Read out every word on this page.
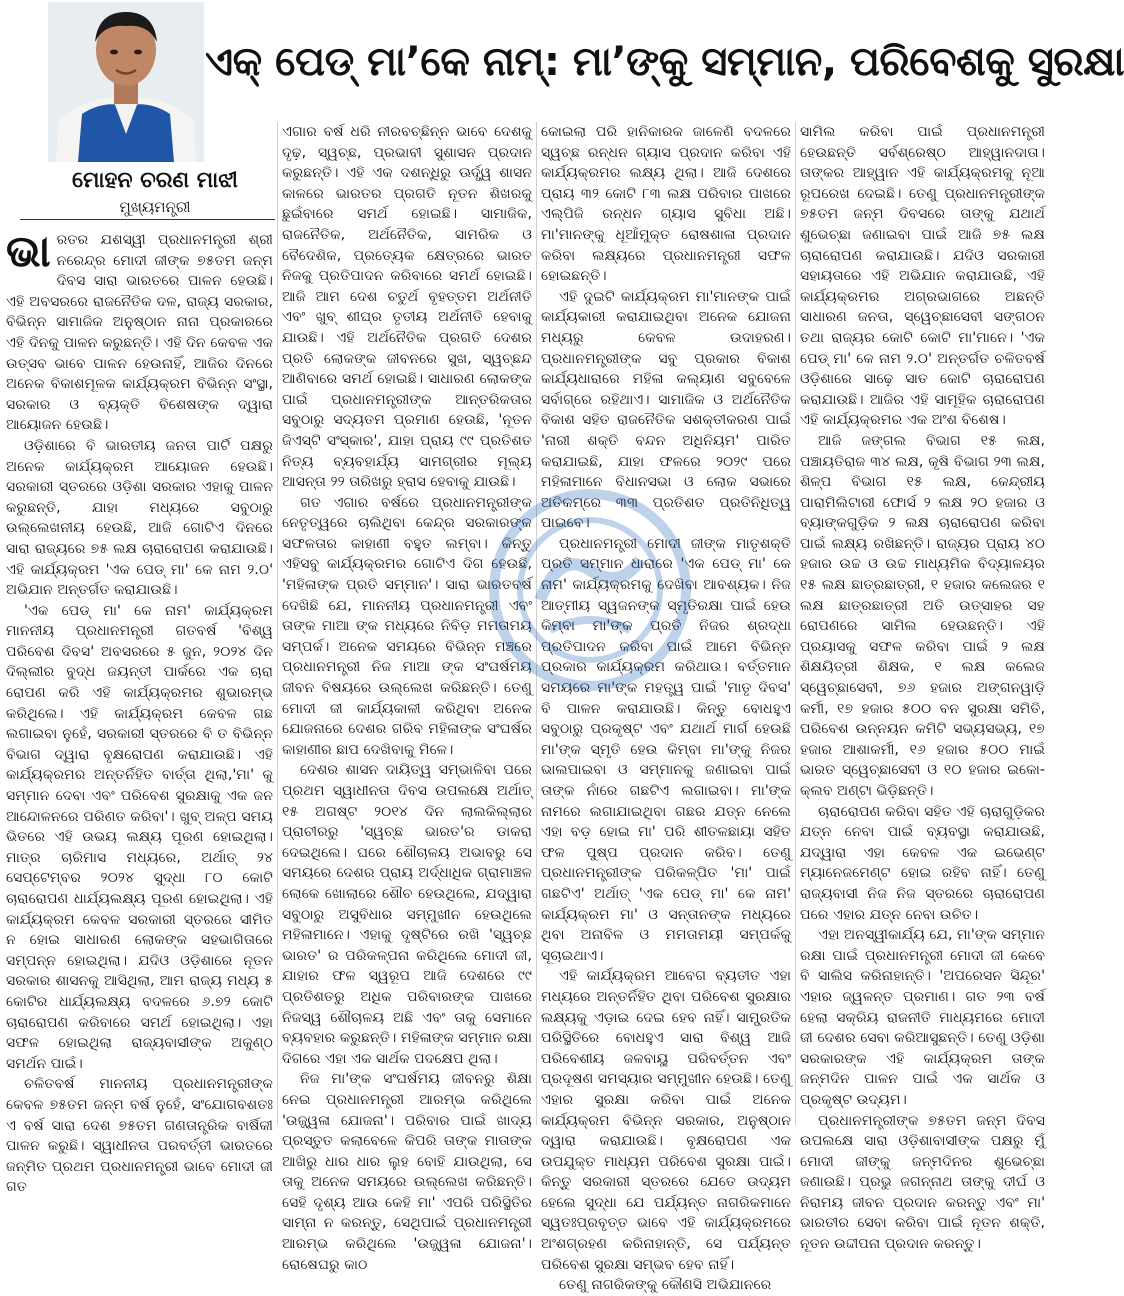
ଏକ୍ ପେଡ୍ ମା’କେ ନାମ୍: ମା’ଙ୍କୁ ସମ୍ମାନ, ପରିବେଶକୁ ସୁରକ୍ଷା
ମୋହନ ଚରଣ ମାଝୀ
ମୁଖ୍ୟମନ୍ତ୍ରୀ

ଭାରତର ଯଶସ୍ୱୀ ପ୍ରଧାନମନ୍ତ୍ରୀ ଶ୍ରୀ ନରେନ୍ଦ୍ର ମୋଦୀ ଜୀଙ୍କ ୭୫ତମ ଜନ୍ମ ଦିବସ ସାରା ଭାରତରେ ପାଳନ ହେଉଛି। ଏହି ଅବସରରେ ରାଜନୈତିକ ଦଳ, ରାଜ୍ୟ ସରକାର, ବିଭିନ୍ନ ସାମାଜିକ ଅନୁଷ୍ଠାନ ନାନା ପ୍ରକାରରେ ଏହି ଦିନକୁ ପାଳନ କରୁଛନ୍ତି। ଏହି ଦିନ କେବଳ ଏକ ଉତ୍ସବ ଭାବେ ପାଳନ ହେଉନାହିଁ, ଆଜିର ଦିନରେ ଅନେକ ବିକାଶମୂଳକ କାର୍ଯ୍ୟକ୍ରମ ବିଭିନ୍ନ ସଂସ୍ଥା, ସରକାର ଓ ବ୍ୟକ୍ତି ବିଶେଷଙ୍କ ଦ୍ୱାରା ଆୟୋଜନ ହେଉଛି।

ଓଡ଼ିଶାରେ ବି ଭାରତୀୟ ଜନତା ପାର୍ଟି ପକ୍ଷରୁ ଅନେକ କାର୍ଯ୍ୟକ୍ରମ ଆୟୋଜନ ହେଉଛି। ସରକାରୀ ସ୍ତରରେ ଓଡ଼ିଶା ସରକାର ଏହାକୁ ପାଳନ କରୁଛନ୍ତି, ଯାହା ମଧ୍ୟରେ ସବୁଠାରୁ ଉଲ୍ଲେଖନୀୟ ହେଉଛି, ଆଜି ଗୋଟିଏ ଦିନରେ ସାରା ରାଜ୍ୟରେ ୭୫ ଲକ୍ଷ ଚାରାରୋପଣ କରାଯାଉଛି। ଏହି କାର୍ଯ୍ୟକ୍ରମ 'ଏକ ପେଡ୍ ମା' କେ ନାମ ୨.୦' ଅଭିଯାନ ଅନ୍ତର୍ଗତ କରାଯାଉଛି।

'ଏକ ପେଡ୍ ମା' କେ ନାମ' କାର୍ଯ୍ୟକ୍ରମ ମାନନୀୟ ପ୍ରଧାନମନ୍ତ୍ରୀ ଗତବର୍ଷ 'ବିଶ୍ୱ ପରିବେଶ ଦିବସ' ଅବସରରେ ୫ ଜୁନ, ୨୦୨୪ ଦିନ ଦିଲ୍ଲୀର ବୁଦ୍ଧ ଜୟନ୍ତୀ ପାର୍କରେ ଏକ ଚାରା ରୋପଣ କରି ଏହି କାର୍ଯ୍ୟକ୍ରମର ଶୁଭାରମ୍ଭ କରିଥିଲେ। ଏହି କାର୍ଯ୍ୟକ୍ରମ କେବଳ ଗଛ ଲଗାଇବା ନୁହେଁ, ସରକାରୀ ସ୍ତରରେ ବି ତ ବିଭିନ୍ନ ବିଭାଗ ଦ୍ୱାରା ବୃକ୍ଷରୋପଣ କରାଯାଉଛି। ଏହି କାର୍ଯ୍ୟକ୍ରମର ଅନ୍ତର୍ନିହିତ ବାର୍ତ୍ତା ଥିଲା,'ମା' କୁ ସମ୍ମାନ ଦେବା ଏବଂ ପରିବେଶ ସୁରକ୍ଷାକୁ ଏକ ଜନ ଆନ୍ଦୋଳନରେ ପରିଣତ କରିବା'। ଖୁବ୍ ଅଳ୍ପ ସମୟ ଭିତରେ ଏହି ଉଭୟ ଲକ୍ଷ୍ୟ ପୂରଣ ହୋଇଥିଲା। ମାତ୍ର ଚାରିମାସ ମଧ୍ୟରେ, ଅର୍ଥାତ୍ ୨୪ ସେପ୍ଟେମ୍ବର ୨୦୨୪ ସୁଦ୍ଧା ୮୦ କୋଟି ଚାରାରୋପଣ ଧାର୍ଯ୍ୟଲକ୍ଷ୍ୟ ପୂରଣ ହୋଇଥିଲା। ଏହି କାର୍ଯ୍ୟକ୍ରମ କେବଳ ସରକାରୀ ସ୍ତରରେ ସୀମିତ ନ ହୋଇ ସାଧାରଣ ଲୋକଙ୍କ ସହଭାଗିତାରେ ସମ୍ପନ୍ନ ହୋଇଥିଲା। ଯଦିଓ ଓଡ଼ିଶାରେ ନୂତନ ସରକାର ଶାସନକୁ ଆସିଥିଲା, ଆମ ରାଜ୍ୟ ମଧ୍ୟ ୫ କୋଟିର ଧାର୍ଯ୍ୟଲକ୍ଷ୍ୟ ବଦଳରେ ୬.୭୨ କୋଟି ଚାରାରୋପଣ କରିବାରେ ସମର୍ଥ ହୋଇଥିଲା। ଏହା ସଫଳ ହୋଇଥିଲା ରାଜ୍ୟବାସୀଙ୍କ ଅକୁଣ୍ଠ ସମର୍ଥନ ପାଇଁ।

ଚଳିତବର୍ଷ ମାନନୀୟ ପ୍ରଧାନମନ୍ତ୍ରୀଙ୍କ କେବଳ ୭୫ତମ ଜନ୍ମ ବର୍ଷ ନୁହେଁ, ସଂଯୋଗବଶତଃ ଏ ବର୍ଷ ସାରା ଦେଶ ୭୫ତମ ଗଣତାନ୍ତ୍ରିକ ବାର୍ଷିକୀ ପାଳନ କରୁଛି। ସ୍ୱାଧୀନତା ପରବର୍ତ୍ତୀ ଭାରତରେ ଜନ୍ମିତ ପ୍ରଥମ ପ୍ରଧାନମନ୍ତ୍ରୀ ଭାବେ ମୋଦୀ ଜୀ ଗତ

ଏଗାର ବର୍ଷ ଧରି ନୀରବଚ୍ଛିନ୍ନ ଭାବେ ଦେଶକୁ ଦୃଢ଼, ସ୍ୱଚ୍ଛ, ପ୍ରଭାବୀ ସୁଶାସନ ପ୍ରଦାନ କରୁଛନ୍ତି। ଏହି ଏକ ଦଶନ୍ଧିରୁ ଊର୍ଦ୍ଧ୍ୱ ଶାସନ କାଳରେ ଭାରତର ପ୍ରଗତି ନୂତନ ଶିଖରକୁ ଛୁଇଁବାରେ ସମର୍ଥ ହୋଇଛି। ସାମାଜିକ, ରାଜନୈତିକ, ଅର୍ଥନୈତିକ, ସାମରିକ ଓ ବୈଦେଶିକ, ପ୍ରତ୍ୟେକ କ୍ଷେତ୍ରରେ ଭାରତ ନିଜକୁ ପ୍ରତିପାଦନ କରିବାରେ ସମର୍ଥ ହୋଇଛି। ଆଜି ଆମ ଦେଶ ଚତୁର୍ଥ ବୃହତ୍ତମ ଅର୍ଥନୀତି ଏବଂ ଖୁବ୍ ଶୀଘ୍ର ତୃତୀୟ ଅର୍ଥନୀତି ହେବାକୁ ଯାଉଛି। ଏହି ଅର୍ଥନୈତିକ ପ୍ରଗତି ଦେଶର ପ୍ରତି ଲୋକଙ୍କ ଜୀବନରେ ସୁଖ, ସ୍ୱଚ୍ଛନ୍ଦ ଆଣିବାରେ ସମର୍ଥ ହୋଇଛି। ସାଧାରଣ ଲୋକଙ୍କ ପାଇଁ ପ୍ରଧାନମନ୍ତ୍ରୀଙ୍କ ଆନ୍ତରିକତାର ସବୁଠାରୁ ସଦ୍ୟତମ ପ୍ରମାଣ ହେଉଛି, 'ନୂତନ ଜିଏସ୍‌ଟି ସଂସ୍କାର', ଯାହା ପ୍ରାୟ ୯୯ ପ୍ରତିଶତ ନିତ୍ୟ ବ୍ୟବହାର୍ଯ୍ୟ ସାମଗ୍ରୀର ମୂଲ୍ୟ ଆସନ୍ତା ୨୨ ତାରିଖରୁ ହ୍ରାସ ହେବାକୁ ଯାଉଛି।

ଗତ ଏଗାର ବର୍ଷରେ ପ୍ରଧାନମନ୍ତ୍ରୀଙ୍କ ନେତୃତ୍ୱରେ ଚାଲିଥିବା କେନ୍ଦ୍ର ସରକାରଙ୍କ ସଫଳତାର କାହାଣୀ ବହୁତ ଲମ୍ବା। କିନ୍ତୁ ଏହିସବୁ କାର୍ଯ୍ୟକ୍ରମର ଗୋଟିଏ ଦିଗ ହେଉଛି, 'ମହିଳାଙ୍କ ପ୍ରତି ସମ୍ମାନ'। ସାରା ଭାରତବର୍ଷ ଦେଖିଛି ଯେ, ମାନନୀୟ ପ୍ରଧାନମନ୍ତ୍ରୀ ଏବଂ ତାଙ୍କ ମାଆ ଙ୍କ ମଧ୍ୟରେ ନିବିଡ଼ ମମତାମୟ ସମ୍ପର୍କ। ଅନେକ ସମୟରେ ବିଭିନ୍ନ ମଞ୍ଚରେ ପ୍ରଧାନମନ୍ତ୍ରୀ ନିଜ ମାଆ ଙ୍କ ସଂଘର୍ଷମୟ ଜୀବନ ବିଷୟରେ ଉଲ୍ଲେଖ କରିଛନ୍ତି। ତେଣୁ ମୋଦୀ ଜୀ କାର୍ଯ୍ୟକାଳୀ କରିଥିବା ଅନେକ ଯୋଜନାରେ ଦେଶର ଗରିବ ମହିଳାଙ୍କ ସଂଘର୍ଷର କାହାଣୀର ଛାପ ଦେଖିବାକୁ ମିଳେ।

ଦେଶର ଶାସନ ଦାୟିତ୍ୱ ସମ୍ଭାଳିବା ପରେ ପ୍ରଥମ ସ୍ୱାଧୀନତା ଦିବସ ଉପଲକ୍ଷେ ଅର୍ଥାତ୍ ୧୫ ଅଗଷ୍ଟ ୨୦୧୪ ଦିନ ଲାଲକିଲ୍ଲାର ପ୍ରାଚୀରରୁ 'ସ୍ୱଚ୍ଛ ଭାରତ'ର ଡାକରା ଦେଇଥିଲେ। ଘରେ ଶୌଚାଳୟ ଅଭାବରୁ ସେ ସମୟରେ ଦେଶର ପ୍ରାୟ ଅର୍ଦ୍ଧାଧିକ ଗ୍ରାମାଞ୍ଚଳ ଲୋକେ ଖୋଲାରେ ଶୌଚ ହେଉଥିଲେ, ଯଦ୍ୱାରା ସବୁଠାରୁ ଅସୁବିଧାର ସମ୍ମୁଖୀନ ହେଉଥିଲେ ମହିଳାମାନେ। ଏହାକୁ ଦୃଷ୍ଟିରେ ରଖି 'ସ୍ୱଚ୍ଛ ଭାରତ' ର ପରିକଳ୍ପନା କରିଥିଲେ ମୋଦୀ ଜୀ, ଯାହାର ଫଳ ସ୍ୱରୂପ ଆଜି ଦେଶରେ ୯୯ ପ୍ରତିଶତରୁ ଅଧିକ ପରିବାରଙ୍କ ପାଖରେ ନିଜସ୍ୱ ଶୌଚାଳୟ ଅଛି ଏବଂ ତାକୁ ସେମାନେ ବ୍ୟବହାର କରୁଛନ୍ତି। ମହିଳାଙ୍କ ସମ୍ମାନ ରକ୍ଷା ଦିଗରେ ଏହା ଏକ ସାର୍ଥକ ପଦକ୍ଷେପ ଥିଲା।

ନିଜ ମା'ଙ୍କ ସଂଘର୍ଷମୟ ଜୀବନରୁ ଶିକ୍ଷା ନେଇ ପ୍ରଧାନମନ୍ତ୍ରୀ ଆରମ୍ଭ କରିଥିଲେ 'ଉଜ୍ଜ୍ୱଳା ଯୋଜନା'। ପରିବାର ପାଇଁ ଖାଦ୍ୟ ପ୍ରସ୍ତୁତ କଲାବେଳେ କିପରି ତାଙ୍କ ମାତାଙ୍କ ଆଖିରୁ ଧାର ଧାର ଲୁହ ବୋହି ଯାଉଥିଲା, ସେ ତାକୁ ଅନେକ ସମୟରେ ଉଲ୍ଲେଖ କରିଛନ୍ତି। ସେହି ଦୃଶ୍ୟ ଆଉ କେହି ମା' ଏପରି ପରିସ୍ଥିତିର ସାମ୍ନା ନ କରନ୍ତୁ, ସେଥିପାଇଁ ପ୍ରଧାନମନ୍ତ୍ରୀ ଆରମ୍ଭ କରିଥିଲେ 'ଉଜ୍ଜ୍ୱଳା ଯୋଜନା'। ରୋଷେଘରୁ କାଠ

କୋଇଲା ପରି ହାନିକାରକ ଜାଳେଣି ବଦଳରେ ସ୍ୱଚ୍ଛ ରନ୍ଧନ ଗ୍ୟାସ ପ୍ରଦାନ କରିବା ଏହି କାର୍ଯ୍ୟକ୍ରମର ଲକ୍ଷ୍ୟ ଥିଲା। ଆଜି ଦେଶରେ ପ୍ରାୟ ୩୨ କୋଟି ୮୩ ଲକ୍ଷ ପରିବାର ପାଖରେ ଏଲ୍‌ପିଜି ରନ୍ଧନ ଗ୍ୟାସ ସୁବିଧା ଅଛି। ମା'ମାନଙ୍କୁ ଧୂଆଁମୁକ୍ତ ରୋଷଶାଳା ପ୍ରଦାନ କରିବା ଲକ୍ଷ୍ୟରେ ପ୍ରଧାନମନ୍ତ୍ରୀ ସଫଳ ହୋଇଛନ୍ତି।

ଏହି ଦୁଇଟି କାର୍ଯ୍ୟକ୍ରମ ମା'ମାନଙ୍କ ପାଇଁ କାର୍ଯ୍ୟକାରୀ କରାଯାଇଥିବା ଅନେକ ଯୋଜନା ମଧ୍ୟରୁ କେବଳ ଉଦାହରଣ। ପ୍ରଧାନମନ୍ତ୍ରୀଙ୍କ ସବୁ ପ୍ରକାର ବିକାଶ କାର୍ଯ୍ୟଧାରାରେ ମହିଳା କଲ୍ୟାଣ ସବୁବେଳେ ସର୍ବାଗ୍ରେ ରହିଥାଏ। ସାମାଜିକ ଓ ଅର୍ଥନୈତିକ ବିକାଶ ସହିତ ରାଜନୈତିକ ସଶକ୍ତୀକରଣ ପାଇଁ 'ନାରୀ ଶକ୍ତି ବନ୍ଦନ ଅଧିନିୟମ' ପାରିତ କରାଯାଇଛି, ଯାହା ଫଳରେ ୨୦୨୯ ପରେ ମହିଳାମାନେ ବିଧାନସଭା ଓ ଲୋକ ସଭାରେ ଅତିକମ୍‌ରେ ୩୩ ପ୍ରତିଶତ ପ୍ରତିନିଧିତ୍ୱ ପାଇବେ।

ପ୍ରଧାନମନ୍ତ୍ରୀ ମୋଦୀ ଜୀଙ୍କ ମାତୃଶକ୍ତି ପ୍ରତି ସମ୍ମାନ ଧାରାରେ 'ଏକ ପେଡ୍ ମା' କେ ନାମ' କାର୍ଯ୍ୟକ୍ରମକୁ ଦେଖିବା ଆବଶ୍ୟକ। ନିଜ ଆତ୍ମୀୟ ସ୍ୱଜନଙ୍କ ସ୍ମୃତିରକ୍ଷା ପାଇଁ ହେଉ କିମ୍ବା ମା'ଙ୍କ ପ୍ରତି ନିଜର ଶ୍ରଦ୍ଧା ପ୍ରତିପାଦନ କରିବା ପାଇଁ ଆମେ ବିଭିନ୍ନ ପ୍ରକାର କାର୍ଯ୍ୟକ୍ରମ କରିଥାଉ। ବର୍ତ୍ତମାନ ସମୟରେ ମା'ଙ୍କ ମହତ୍ତ୍ୱ ପାଇଁ 'ମାତୃ ଦିବସ' ବି ପାଳନ କରାଯାଉଛି। କିନ୍ତୁ ବୋଧହୁଏ ସବୁଠାରୁ ପ୍ରକୃଷ୍ଟ ଏବଂ ଯଥାର୍ଥ ମାର୍ଗ ହେଉଛି ମା'ଙ୍କ ସ୍ମୃତି ହେଉ କିମ୍ବା ମା'ଙ୍କୁ ନିଜର ଭାଲପାଇବା ଓ ସମ୍ମାନକୁ ଜଣାଇବା ପାଇଁ ତାଙ୍କ ନାଁରେ ଗଛଟିଏ ଲଗାଇବା। ମା'ଙ୍କ ନାମରେ ଲଗାଯାଇଥିବା ଗଛର ଯତ୍ନ ନେଲେ ଏହା ବଡ଼ ହୋଇ ମା' ପରି ଶୀତଳଛାୟା ସହିତ ଫଳ ପୁଷ୍ପ ପ୍ରଦାନ କରିବ। ତେଣୁ ପ୍ରଧାନମନ୍ତ୍ରୀଙ୍କ ପରିକଳ୍ପିତ 'ମା' ପାଇଁ ଗଛଟିଏ' ଅର୍ଥାତ୍ 'ଏକ ପେଡ୍ ମା' କେ ନାମ' କାର୍ଯ୍ୟକ୍ରମ ମା' ଓ ସନ୍ତାନଙ୍କ ମଧ୍ୟରେ ଥିବା ଅନାବିଳ ଓ ମମତାମୟୀ ସମ୍ପର୍କକୁ ସୂଚାଇଥାଏ।

ଏହି କାର୍ଯ୍ୟକ୍ରମ ଆବେଗ ବ୍ୟତୀତ ଏହା ମଧ୍ୟରେ ଅନ୍ତର୍ନିହିତ ଥିବା ପରିବେଶ ସୁରକ୍ଷାର ଲକ୍ଷ୍ୟକୁ ଏଡ଼ାଇ ଦେଇ ହେବ ନାହିଁ। ସାମ୍ପ୍ରତିକ ପରିସ୍ଥିତିରେ ବୋଧହୁଏ ସାରା ବିଶ୍ୱ ଆଜି ପରିବେଶୀୟ ଜଳବାୟୁ ପରିବର୍ତ୍ତନ ଏବଂ ପ୍ରଦୂଷଣ ସମସ୍ୟାର ସମ୍ମୁଖୀନ ହେଉଛି। ତେଣୁ ଏହାର ସୁରକ୍ଷା କରିବା ପାଇଁ ଅନେକ କାର୍ଯ୍ୟକ୍ରମ ବିଭିନ୍ନ ସରକାର, ଅନୁଷ୍ଠାନ ଦ୍ୱାରା କରାଯାଉଛି। ବୃକ୍ଷରୋପଣ ଏକ ଉପଯୁକ୍ତ ମାଧ୍ୟମ ପରିବେଶ ସୁରକ୍ଷା ପାଇଁ। କିନ୍ତୁ ସରକାରୀ ସ୍ତରରେ ଯେତେ ଉଦ୍ୟମ ହେଲେ ସୁଦ୍ଧା ଯେ ପର୍ଯ୍ୟନ୍ତ ନାଗରିକମାନେ ସ୍ୱତଃପ୍ରବୃତ୍ତ ଭାବେ ଏହି କାର୍ଯ୍ୟକ୍ରମରେ ଅଂଶଗ୍ରହଣ କରିନାହାନ୍ତି, ସେ ପର୍ଯ୍ୟନ୍ତ ପରିବେଶ ସୁରକ୍ଷା ସମ୍ଭବ ହେବ ନାହିଁ।

ତେଣୁ ନାଗରିକଙ୍କୁ କୌଣସି ଅଭିଯାନରେ

ସାମିଲ କରିବା ପାଇଁ ପ୍ରଧାନମନ୍ତ୍ରୀ ହେଉଛନ୍ତି ସର୍ବଶ୍ରେଷ୍ଠ ଆହ୍ୱାନଦାତା। ତାଙ୍କର ଆହ୍ୱାନ ଏହି କାର୍ଯ୍ୟକ୍ରମକୁ ନୂଆ ରୂପରେଖ ଦେଇଛି। ତେଣୁ ପ୍ରଧାନମନ୍ତ୍ରୀଙ୍କ ୭୫ତମ ଜନ୍ମ ଦିବସରେ ତାଙ୍କୁ ଯଥାର୍ଥ ଶୁଭେଚ୍ଛା ଜଣାଇବା ପାଇଁ ଆଜି ୭୫ ଲକ୍ଷ ଚାରାରୋପଣ କରାଯାଉଛି। ଯଦିଓ ସରକାରୀ ସହାୟତାରେ ଏହି ଅଭିଯାନ କରାଯାଉଛି, ଏହି କାର୍ଯ୍ୟକ୍ରମର ଅଗ୍ରଭାଗରେ ଅଛନ୍ତି ସାଧାରଣ ଜନତା, ସ୍ୱେଚ୍ଛାସେବୀ ସଙ୍ଗଠନ ତଥା ରାଜ୍ୟର କୋଟି କୋଟି ମା'ମାନେ। 'ଏକ ପେଡ୍ ମା' କେ ନାମ ୨.୦' ଅନ୍ତର୍ଗତ ଚଳିତବର୍ଷ ଓଡ଼ିଶାରେ ସାଢ଼େ ସାତ କୋଟି ଚାରାରୋପଣ କରାଯାଉଛି। ଆଜିର ଏହି ସାମୂହିକ ଚାରାରୋପଣ ଏହି କାର୍ଯ୍ୟକ୍ରମର ଏକ ଅଂଶ ବିଶେଷ।

ଆଜି ଜଙ୍ଗଲ ବିଭାଗ ୧୫ ଲକ୍ଷ, ପଞ୍ଚାୟତିରାଜ ୩୪ ଲକ୍ଷ, କୃଷି ବିଭାଗ ୨୩ ଲକ୍ଷ, ଶିଳ୍ପ ବିଭାଗ ୧୫ ଲକ୍ଷ, କେନ୍ଦ୍ରୀୟ ପାରାମିଲିଟାରୀ ଫୋର୍ସ ୨ ଲକ୍ଷ ୨୦ ହଜାର ଓ ବ୍ୟାଙ୍କଗୁଡ଼ିକ ୨ ଲକ୍ଷ ଚାରାରୋପଣ କରିବା ପାଇଁ ଲକ୍ଷ୍ୟ ରଖିଛନ୍ତି। ରାଜ୍ୟର ପ୍ରାୟ ୪୦ ହଜାର ଉଚ୍ଚ ଓ ଉଚ୍ଚ ମାଧ୍ୟମିକ ବିଦ୍ୟାଳୟର ୧୫ ଲକ୍ଷ ଛାତ୍ରଛାତ୍ରୀ, ୧ ହଜାର କଲେଜର ୧ ଲକ୍ଷ ଛାତ୍ରଛାତ୍ରୀ ଅତି ଉତ୍ସାହର ସହ ରୋପଣରେ ସାମିଲ ହେଉଛନ୍ତି। ଏହି ପ୍ରୟାସକୁ ସଫଳ କରିବା ପାଇଁ ୨ ଲକ୍ଷ ଶିକ୍ଷୟିତ୍ରୀ ଶିକ୍ଷକ, ୧ ଲକ୍ଷ କଲେଜ ସ୍ୱେଚ୍ଛାସେବୀ, ୭୬ ହଜାର ଅଙ୍ଗନୱାଡ଼ି କର୍ମୀ, ୧୭ ହଜାର ୫୦୦ ବନ ସୁରକ୍ଷା ସମିତି, ପରିବେଶ ଉନ୍ନୟନ କମିଟି ସଭ୍ୟସଭ୍ୟ, ୧୭ ହଜାର ଆଶାକର୍ମୀ, ୧୬ ହଜାର ୫୦୦ ମାଇଁ ଭାରତ ସ୍ୱେଚ୍ଛାସେବୀ ଓ ୧୦ ହଜାର ଇକୋ-କ୍ଲବ ଅଣ୍ଟା ଭିଡ଼ିଛନ୍ତି।

ଚାରାରୋପଣ କରିବା ସହିତ ଏହି ଚାରାଗୁଡ଼ିକର ଯତ୍ନ ନେବା ପାଇଁ ବ୍ୟବସ୍ଥା କରାଯାଉଛି, ଯଦ୍ୱାରା ଏହା କେବଳ ଏକ ଇଭେଣ୍ଟ ମ୍ୟାନେଜମେଣ୍ଟ ହୋଇ ରହିବ ନାହିଁ। ତେଣୁ ରାଜ୍ୟବାସୀ ନିଜ ନିଜ ସ୍ତରରେ ଚାରାରୋପଣ ପରେ ଏହାର ଯତ୍ନ ନେବା ଉଚିତ।

ଏହା ଅନସ୍ୱୀକାର୍ଯ୍ୟ ଯେ, ମା'ଙ୍କ ସମ୍ମାନ ରକ୍ଷା ପାଇଁ ପ୍ରଧାନମନ୍ତ୍ରୀ ମୋଦୀ ଜୀ କେବେ ବି ସାଲିସ କରିନାହାନ୍ତି। 'ଅପରେସନ ସିନ୍ଦୂର' ଏହାର ଜ୍ୱଳନ୍ତ ପ୍ରମାଣ। ଗତ ୨୩ ବର୍ଷ ହେଲା ସକ୍ରିୟ ରାଜନୀତି ମାଧ୍ୟମରେ ମୋଦୀ ଜୀ ଦେଶର ସେବା କରିଆସୁଛନ୍ତି। ତେଣୁ ଓଡ଼ିଶା ସରକାରଙ୍କ ଏହି କାର୍ଯ୍ୟକ୍ରମ ତାଙ୍କ ଜନ୍ମଦିନ ପାଳନ ପାଇଁ ଏକ ସାର୍ଥକ ଓ ପ୍ରକୃଷ୍ଟ ଉଦ୍ୟମ।

ପ୍ରଧାନମନ୍ତ୍ରୀଙ୍କ ୭୫ତମ ଜନ୍ମ ଦିବସ ଉପଲକ୍ଷେ ସାରା ଓଡ଼ିଶାବାସୀଙ୍କ ପକ୍ଷରୁ ମୁଁ ମୋଦୀ ଜୀଙ୍କୁ ଜନ୍ମଦିନର ଶୁଭେଚ୍ଛା ଜଣାଉଛି। ପ୍ରଭୁ ଜଗନ୍ନାଥ ତାଙ୍କୁ ଦୀର୍ଘ ଓ ନିରାମୟ ଜୀବନ ପ୍ରଦାନ କରନ୍ତୁ ଏବଂ ମା' ଭାରତୀର ସେବା କରିବା ପାଇଁ ନୂତନ ଶକ୍ତି, ନୂତନ ଉଦ୍ଦୀପନା ପ୍ରଦାନ କରନ୍ତୁ।
